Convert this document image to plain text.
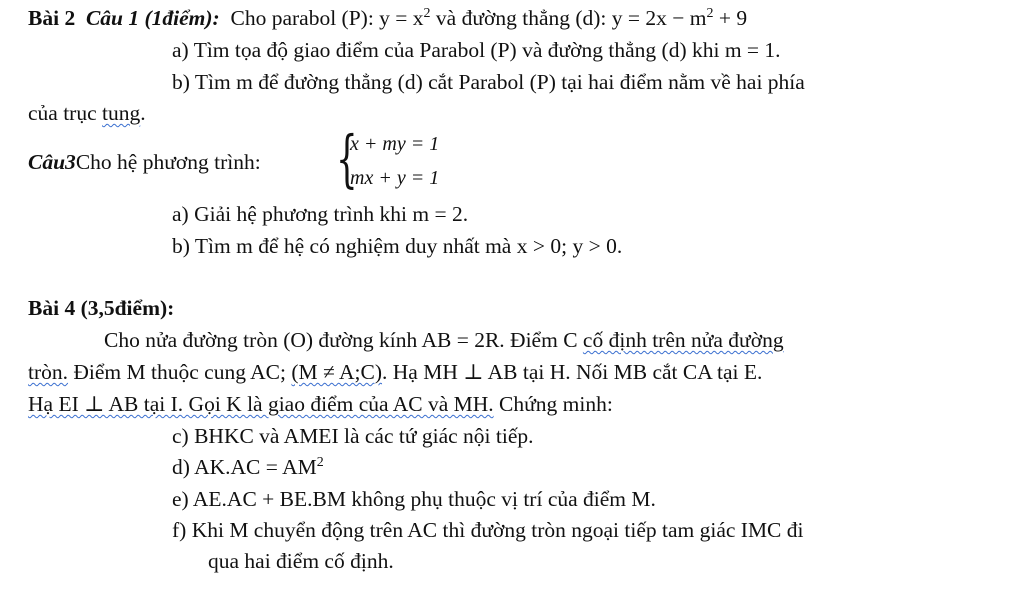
Bài 2 Câu 1 (1điểm): Cho parabol (P): $y = x^2$ và đường thẳng (d): $y = 2x - m^2 + 9$
a) Tìm tọa độ giao điểm của Parabol (P) và đường thẳng (d) khi m = 1.
b) Tìm m để đường thẳng (d) cắt Parabol (P) tại hai điểm nằm về hai phía
của trục tung.
Câu3Cho hệ phương trình: {
x + my = 1
mx + y = 1
a) Giải hệ phương trình khi m = 2.
b) Tìm m để hệ có nghiệm duy nhất mà x > 0; y > 0.
Bài 4 (3,5điểm):
Cho nửa đường tròn (O) đường kính AB = 2R. Điểm C cố định trên nửa đường
tròn. Điểm M thuộc cung AC; (M ≠ A;C). Hạ MH ⊥ AB tại H. Nối MB cắt CA tại E.
Hạ EI ⊥ AB tại I. Gọi K là giao điểm của AC và MH. Chứng minh:
c) BHKC và AMEI là các tứ giác nội tiếp.
d) $AK.AC = AM^2$
e) AE.AC + BE.BM không phụ thuộc vị trí của điểm M.
f) Khi M chuyển động trên AC thì đường tròn ngoại tiếp tam giác IMC đi
qua hai điểm cố định.
